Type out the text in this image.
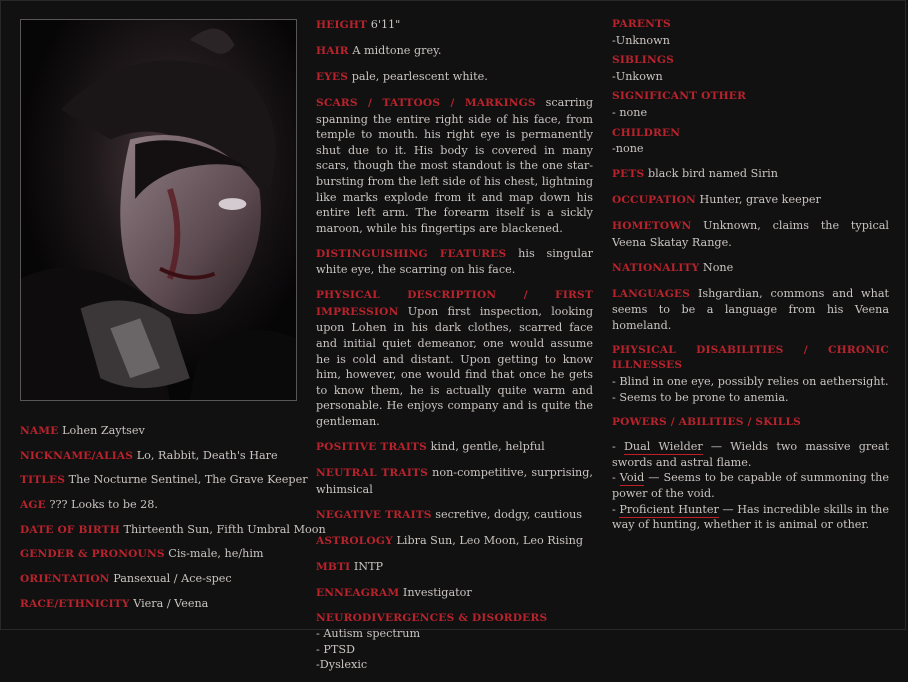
NAME Lohen Zaytsev
NICKNAME/ALIAS Lo, Rabbit, Death's Hare
TITLES The Nocturne Sentinel, The Grave Keeper
AGE ??? Looks to be 28.
DATE OF BIRTH Thirteenth Sun, Fifth Umbral Moon
GENDER & PRONOUNS Cis-male, he/him
ORIENTATION Pansexual / Ace-spec
RACE/ETHNICITY Viera / Veena
HEIGHT 6'11"
HAIR A midtone grey.
EYES pale, pearlescent white.
SCARS / TATTOOS / MARKINGS scarring spanning the entire right side of his face, from temple to mouth. his right eye is permanently shut due to it. His body is covered in many scars, though the most standout is the one star-bursting from the left side of his chest, lightning like marks explode from it and map down his entire left arm. The forearm itself is a sickly maroon, while his fingertips are blackened.
DISTINGUISHING FEATURES his singular white eye, the scarring on his face.
PHYSICAL DESCRIPTION / FIRST IMPRESSION Upon first inspection, looking upon Lohen in his dark clothes, scarred face and initial quiet demeanor, one would assume he is cold and distant. Upon getting to know him, however, one would find that once he gets to know them, he is actually quite warm and personable. He enjoys company and is quite the gentleman.
POSITIVE TRAITS kind, gentle, helpful
NEUTRAL TRAITS non-competitive, surprising, whimsical
NEGATIVE TRAITS secretive, dodgy, cautious
ASTROLOGY Libra Sun, Leo Moon, Leo Rising
MBTI INTP
ENNEAGRAM Investigator
NEURODIVERGENCES & DISORDERS
- Autism spectrum
- PTSD
-Dyslexic
PARENTS
-Unknown
SIBLINGS
-Unkown
SIGNIFICANT OTHER
- none
CHILDREN
-none
PETS black bird named Sirin
OCCUPATION Hunter, grave keeper
HOMETOWN Unknown, claims the typical Veena Skatay Range.
NATIONALITY None
LANGUAGES Ishgardian, commons and what seems to be a language from his Veena homeland.
PHYSICAL DISABILITIES / CHRONIC ILLNESSES
- Blind in one eye, possibly relies on aethersight.
- Seems to be prone to anemia.
POWERS / ABILITIES / SKILLS
- Dual Wielder — Wields two massive great swords and astral flame.
- Void — Seems to be capable of summoning the power of the void.
- Proficient Hunter — Has incredible skills in the way of hunting, whether it is animal or other.
